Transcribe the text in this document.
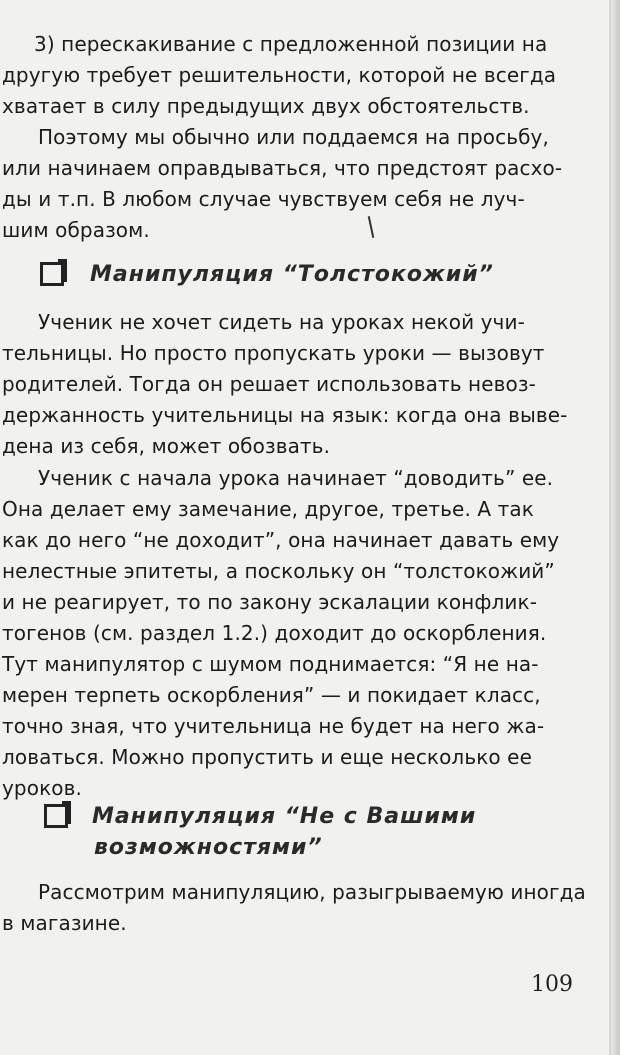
3) перескакивание с предложенной позиции на
другую требует решительности, которой не всегда
хватает в силу предыдущих двух обстоятельств.
Поэтому мы обычно или поддаемся на просьбу,
или начинаем оправдываться, что предстоят расхо-
ды и т.п. В любом случае чувствуем себя не луч-
шим образом.
Манипуляция “Толстокожий”
Ученик не хочет сидеть на уроках некой учи-
тельницы. Но просто пропускать уроки — вызовут
родителей. Тогда он решает использовать невоз-
держанность учительницы на язык: когда она выве-
дена из себя, может обозвать.
Ученик с начала урока начинает “доводить” ее.
Она делает ему замечание, другое, третье. А так
как до него “не доходит”, она начинает давать ему
нелестные эпитеты, а поскольку он “толстокожий”
и не реагирует, то по закону эскалации конфлик-
тогенов (см. раздел 1.2.) доходит до оскорбления.
Тут манипулятор с шумом поднимается: “Я не на-
мерен терпеть оскорбления” — и покидает класс,
точно зная, что учительница не будет на него жа-
ловаться. Можно пропустить и еще несколько ее
уроков.
Манипуляция “Не с Вашими
возможностями”
Рассмотрим манипуляцию, разыгрываемую иногда
в магазине.
109
